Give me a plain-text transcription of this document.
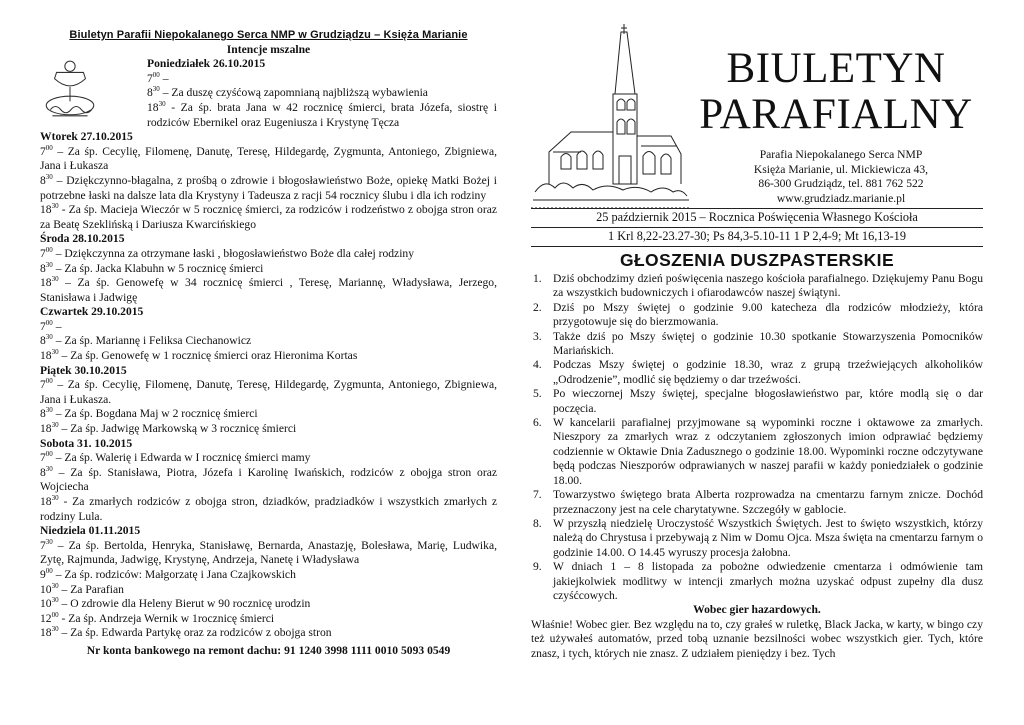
Biuletyn Parafii Niepokalanego Serca NMP w Grudziądzu – Księża Marianie
Intencje mszalne
Poniedziałek 26.10.2015
$7^{00}$ –
$8^{30}$ – Za duszę czyśćową zapomnianą najbliższą wybawienia
$18^{30}$ - Za śp. brata Jana w 42 rocznicę śmierci, brata Józefa, siostrę i rodziców Ebernikel oraz Eugeniusza i Krystynę Tęcza
Wtorek 27.10.2015
$7^{00}$ – Za śp. Cecylię, Filomenę, Danutę, Teresę, Hildegardę, Zygmunta, Antoniego, Zbigniewa, Jana i Łukasza
$8^{30}$ – Dziękczynno-błagalna, z prośbą o zdrowie i błogosławieństwo Boże, opiekę Matki Bożej i potrzebne łaski na dalsze lata dla Krystyny i Tadeusza z racji 54 rocznicy ślubu i dla ich rodziny
$18^{30}$ - Za śp. Macieja Wieczór w 5 rocznicę śmierci, za rodziców i rodzeństwo z obojga stron oraz za Beatę Szeklińską i Dariusza Kwarcińskiego
Środa 28.10.2015
$7^{00}$ – Dziękczynna za otrzymane łaski , błogosławieństwo Boże dla całej rodziny
$8^{30}$ – Za śp. Jacka Klabuhn w 5 rocznicę śmierci
$18^{30}$ – Za śp. Genowefę w 34 rocznicę śmierci , Teresę, Mariannę, Władysława, Jerzego, Stanisława i Jadwigę
Czwartek 29.10.2015
$7^{00}$ –
$8^{30}$ – Za śp. Mariannę i Feliksa Ciechanowicz
$18^{30}$ – Za śp. Genowefę w 1 rocznicę śmierci oraz Hieronima Kortas
Piątek 30.10.2015
$7^{00}$ – Za śp. Cecylię, Filomenę, Danutę, Teresę, Hildegardę, Zygmunta, Antoniego, Zbigniewa, Jana i Łukasza.
$8^{30}$ – Za śp. Bogdana Maj w 2 rocznicę śmierci
$18^{30}$ – Za śp. Jadwigę Markowską w 3 rocznicę śmierci
Sobota 31. 10.2015
$7^{00}$ – Za śp. Walerię i Edwarda w I rocznicę śmierci mamy
$8^{30}$ – Za śp. Stanisława, Piotra, Józefa i Karolinę Iwańskich, rodziców z obojga stron oraz Wojciecha
$18^{30}$ - Za zmarłych rodziców z obojga stron, dziadków, pradziadków i wszystkich zmarłych z rodziny Lula.
Niedziela 01.11.2015
$7^{30}$ – Za śp. Bertolda, Henryka, Stanisławę, Bernarda, Anastazję, Bolesława, Marię, Ludwika, Zytę, Rajmunda, Jadwigę, Krystynę, Andrzeja, Nanetę i Władysława
$9^{00}$ – Za śp. rodziców: Małgorzatę i Jana Czajkowskich
$10^{30}$ – Za Parafian
$10^{30}$ – O zdrowie dla Heleny Bierut w 90 rocznicę urodzin
$12^{00}$ - Za śp. Andrzeja Wernik w 1rocznicę śmierci
$18^{30}$ – Za śp. Edwarda Partykę oraz za rodziców z obojga stron
Nr konta bankowego na remont dachu: 91 1240 3998 1111 0010 5093 0549
BIULETYN
PARAFIALNY
Parafia Niepokalanego Serca NMP
Księża Marianie, ul. Mickiewicza 43,
86-300 Grudziądz, tel. 881 762 522
www.grudziadz.marianie.pl
25 październik 2015 – Rocznica Poświęcenia Własnego Kościoła
1 Krl 8,22-23.27-30; Ps 84,3-5.10-11 1 P 2,4-9; Mt 16,13-19
GŁOSZENIA DUSZPASTERSKIE
1. Dziś obchodzimy dzień poświęcenia naszego kościoła parafialnego. Dziękujemy Panu Bogu za wszystkich budowniczych i ofiarodawców naszej świątyni.
2. Dziś po Mszy świętej o godzinie 9.00 katecheza dla rodziców młodzieży, która przygotowuje się do bierzmowania.
3. Także dziś po Mszy świętej o godzinie 10.30 spotkanie Stowarzyszenia Pomocników Mariańskich.
4. Podczas Mszy świętej o godzinie 18.30, wraz z grupą trzeźwiejących alkoholików „Odrodzenie”, modlić się będziemy o dar trzeźwości.
5. Po wieczornej Mszy świętej, specjalne błogosławieństwo par, które modlą się o dar poczęcia.
6. W kancelarii parafialnej przyjmowane są wypominki roczne i oktawowe za zmarłych. Nieszpory za zmarłych wraz z odczytaniem zgłoszonych imion odprawiać będziemy codziennie w Oktawie Dnia Zadusznego o godzinie 18.00. Wypominki roczne odczytywane będą podczas Nieszporów odprawianych w naszej parafii w każdy poniedziałek o godzinie 18.00.
7. Towarzystwo świętego brata Alberta rozprowadza na cmentarzu farnym znicze. Dochód przeznaczony jest na cele charytatywne. Szczegóły w gablocie.
8. W przyszłą niedzielę Uroczystość Wszystkich Świętych. Jest to święto wszystkich, którzy należą do Chrystusa i przebywają z Nim w Domu Ojca. Msza święta na cmentarzu farnym o godzinie 14.00. O 14.45 wyruszy procesja żałobna.
9. W dniach 1 – 8 listopada za pobożne odwiedzenie cmentarza i odmówienie tam jakiejkolwiek modlitwy w intencji zmarłych można uzyskać odpust zupełny dla dusz czyśćcowych.
Wobec gier hazardowych.
Właśnie! Wobec gier. Bez względu na to, czy grałeś w ruletkę, Black Jacka, w karty, w bingo czy też używałeś automatów, przed tobą uznanie bezsilności wobec wszystkich gier. Tych, które znasz, i tych, których nie znasz. Z udziałem pieniędzy i bez. Tych
